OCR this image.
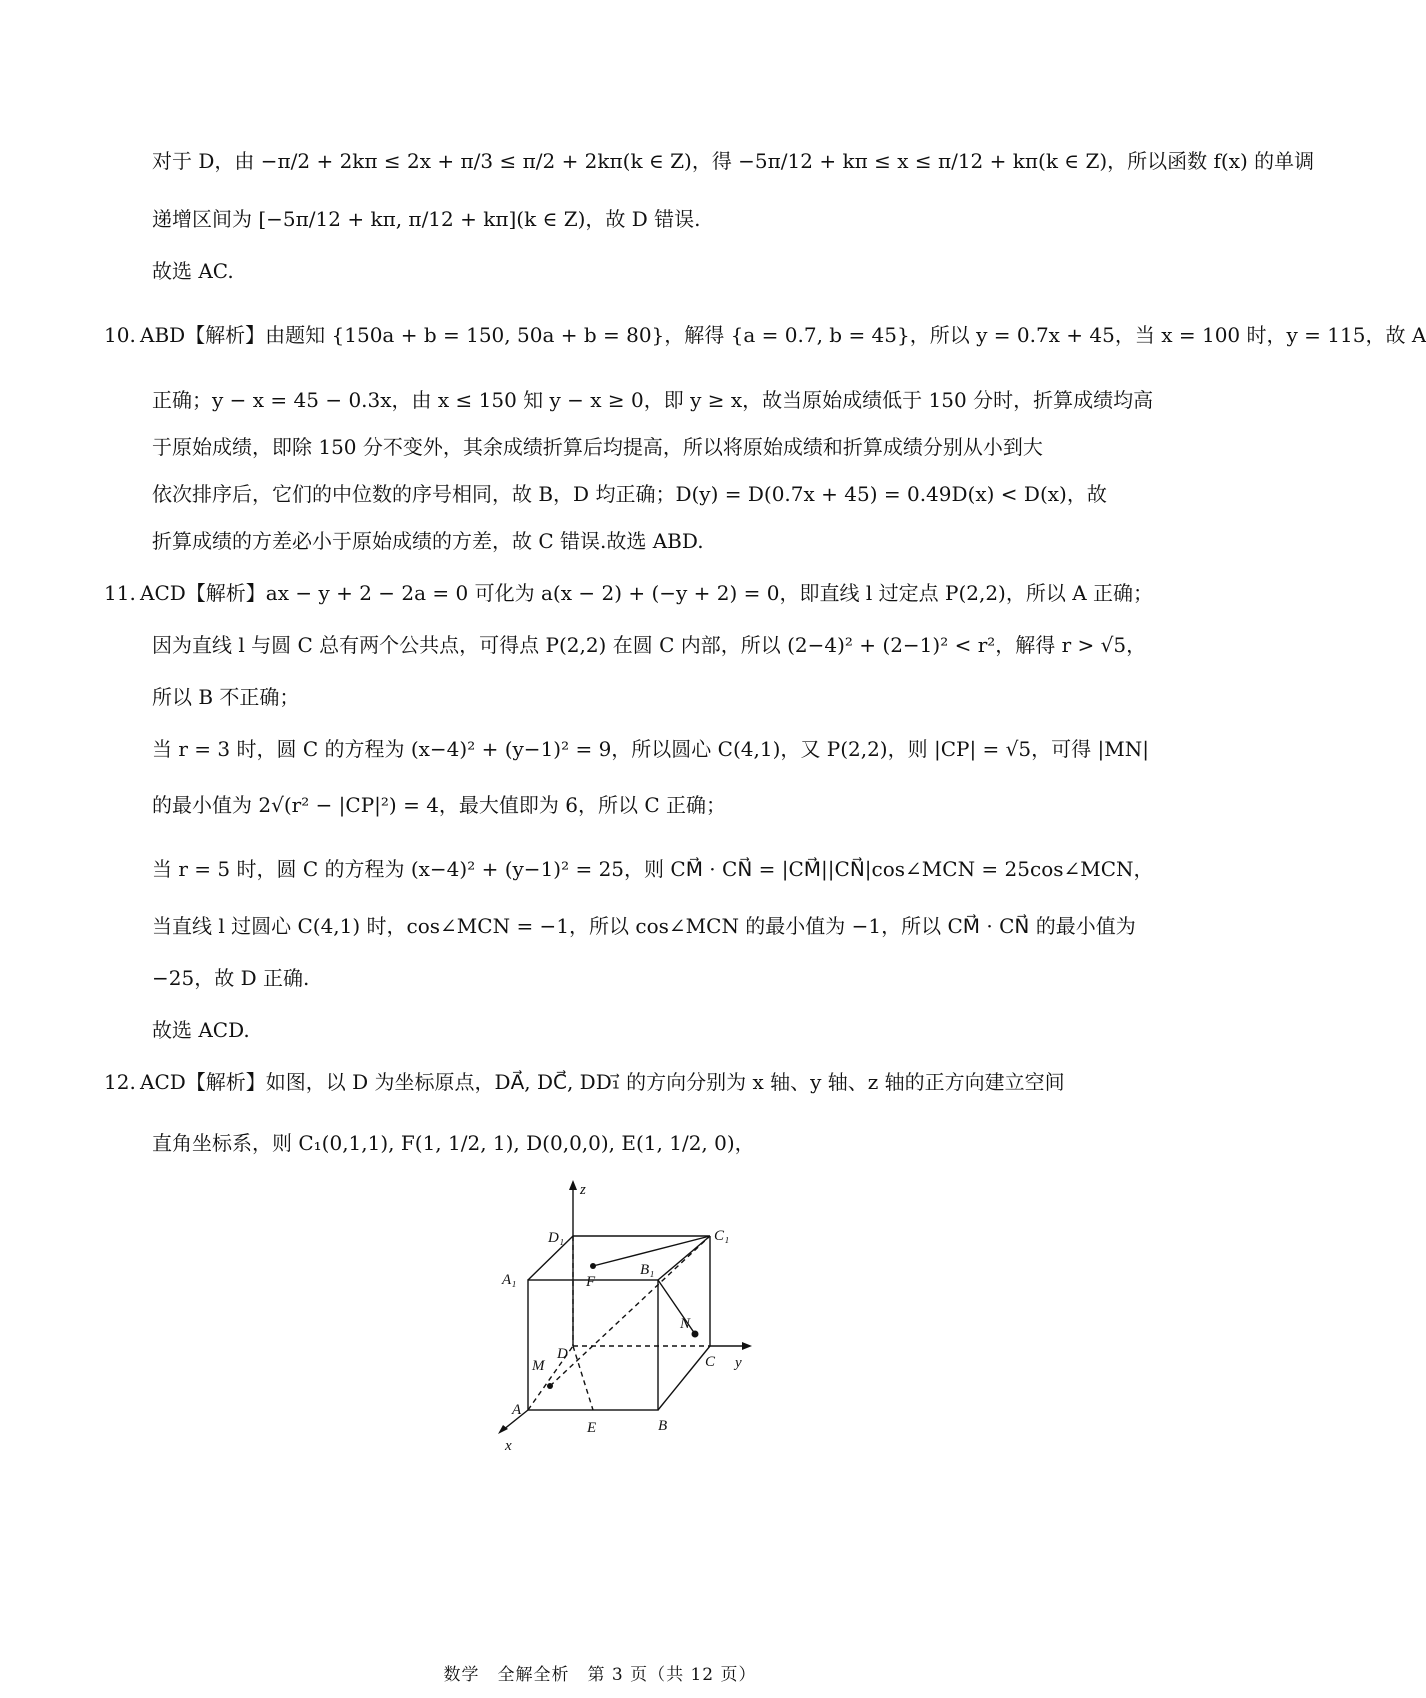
对于 D，由 −π/2 + 2kπ ≤ 2x + π/3 ≤ π/2 + 2kπ(k ∈ Z)，得 −5π/12 + kπ ≤ x ≤ π/12 + kπ(k ∈ Z)，所以函数 f(x) 的单调
递增区间为 [−5π/12 + kπ, π/12 + kπ](k ∈ Z)，故 D 错误.
故选 AC.
10. ABD【解析】由题知 {150a + b = 150, 50a + b = 80}，解得 {a = 0.7, b = 45}，所以 y = 0.7x + 45，当 x = 100 时，y = 115，故 A
正确；y − x = 45 − 0.3x，由 x ≤ 150 知 y − x ≥ 0，即 y ≥ x，故当原始成绩低于 150 分时，折算成绩均高
于原始成绩，即除 150 分不变外，其余成绩折算后均提高，所以将原始成绩和折算成绩分别从小到大
依次排序后，它们的中位数的序号相同，故 B，D 均正确；D(y) = D(0.7x + 45) = 0.49D(x) < D(x)，故
折算成绩的方差必小于原始成绩的方差，故 C 错误.故选 ABD.
11. ACD【解析】ax − y + 2 − 2a = 0 可化为 a(x − 2) + (−y + 2) = 0，即直线 l 过定点 P(2,2)，所以 A 正确；
因为直线 l 与圆 C 总有两个公共点，可得点 P(2,2) 在圆 C 内部，所以 (2−4)² + (2−1)² < r²，解得 r > √5，
所以 B 不正确；
当 r = 3 时，圆 C 的方程为 (x−4)² + (y−1)² = 9，所以圆心 C(4,1)，又 P(2,2)，则 |CP| = √5，可得 |MN|
的最小值为 2√(r² − |CP|²) = 4，最大值即为 6，所以 C 正确；
当 r = 5 时，圆 C 的方程为 (x−4)² + (y−1)² = 25，则 CM⃗ · CN⃗ = |CM⃗||CN⃗|cos∠MCN = 25cos∠MCN，
当直线 l 过圆心 C(4,1) 时，cos∠MCN = −1，所以 cos∠MCN 的最小值为 −1，所以 CM⃗ · CN⃗ 的最小值为
−25，故 D 正确.
故选 ACD.
12. ACD【解析】如图，以 D 为坐标原点，DA⃗, DC⃗, DD₁⃗ 的方向分别为 x 轴、y 轴、z 轴的正方向建立空间
直角坐标系，则 C₁(0,1,1), F(1, 1/2, 1), D(0,0,0), E(1, 1/2, 0)，
z
y
x
D₁	C₁
A₁
B₁
F
D
M
N
A
B
C
E
数学　全解全析　第 3 页（共 12 页）
